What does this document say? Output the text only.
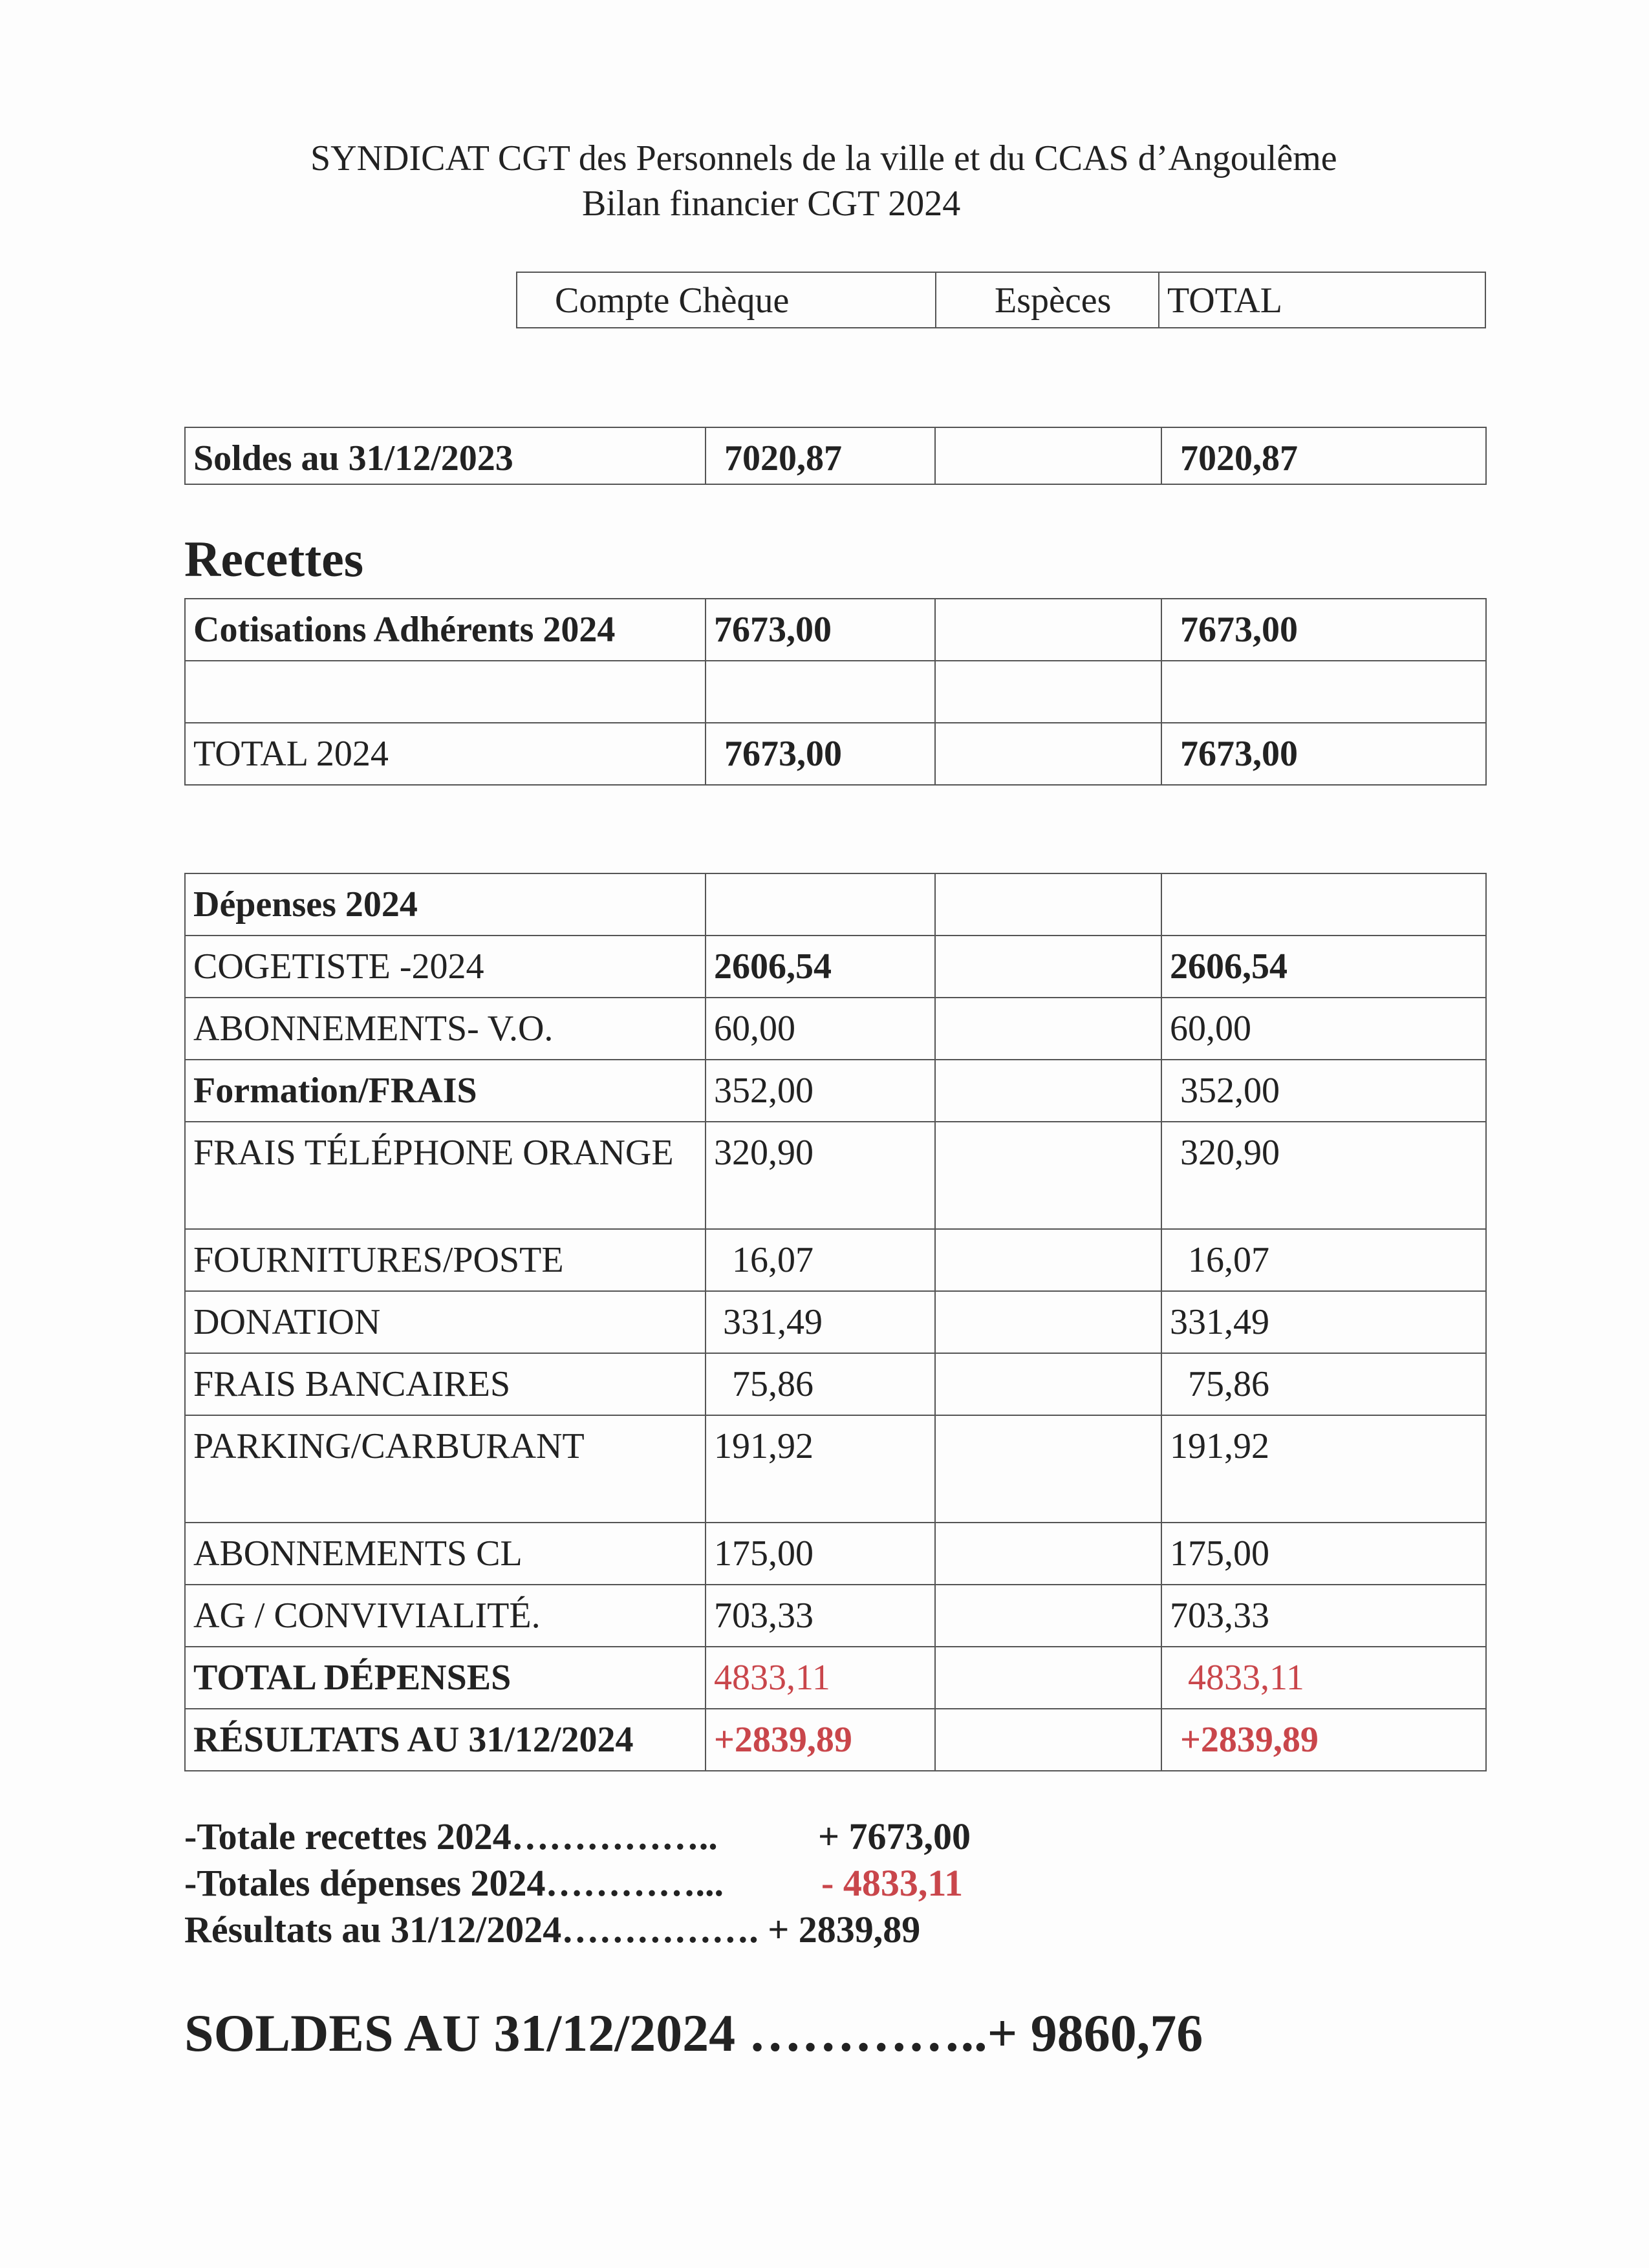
SYNDICAT CGT des Personnels de la ville et du CCAS d’Angoulême
Bilan financier CGT 2024
Compte Chèque	Espèces	TOTAL
Soldes au 31/12/2023	7020,87		7020,87
Recettes
Cotisations Adhérents 2024	7673,00		7673,00

TOTAL 2024	7673,00		7673,00
Dépenses 2024			
COGETISTE -2024	2606,54		2606,54
ABONNEMENTS- V.O.	60,00		60,00
Formation/FRAIS	352,00		352,00
FRAIS TÉLÉPHONE ORANGE	320,90		320,90
FOURNITURES/POSTE	16,07		16,07
DONATION	331,49		331,49
FRAIS BANCAIRES	75,86		75,86
PARKING/CARBURANT	191,92		191,92
ABONNEMENTS CL	175,00		175,00
AG / CONVIVIALITÉ.	703,33		703,33
TOTAL DÉPENSES	4833,11		4833,11
RÉSULTATS AU 31/12/2024	+2839,89		+2839,89
-Totale recettes 2024……………..	+ 7673,00
-Totales dépenses 2024…………...	- 4833,11
Résultats au 31/12/2024……………. + 2839,89
SOLDES AU 31/12/2024 …………..+ 9860,76
